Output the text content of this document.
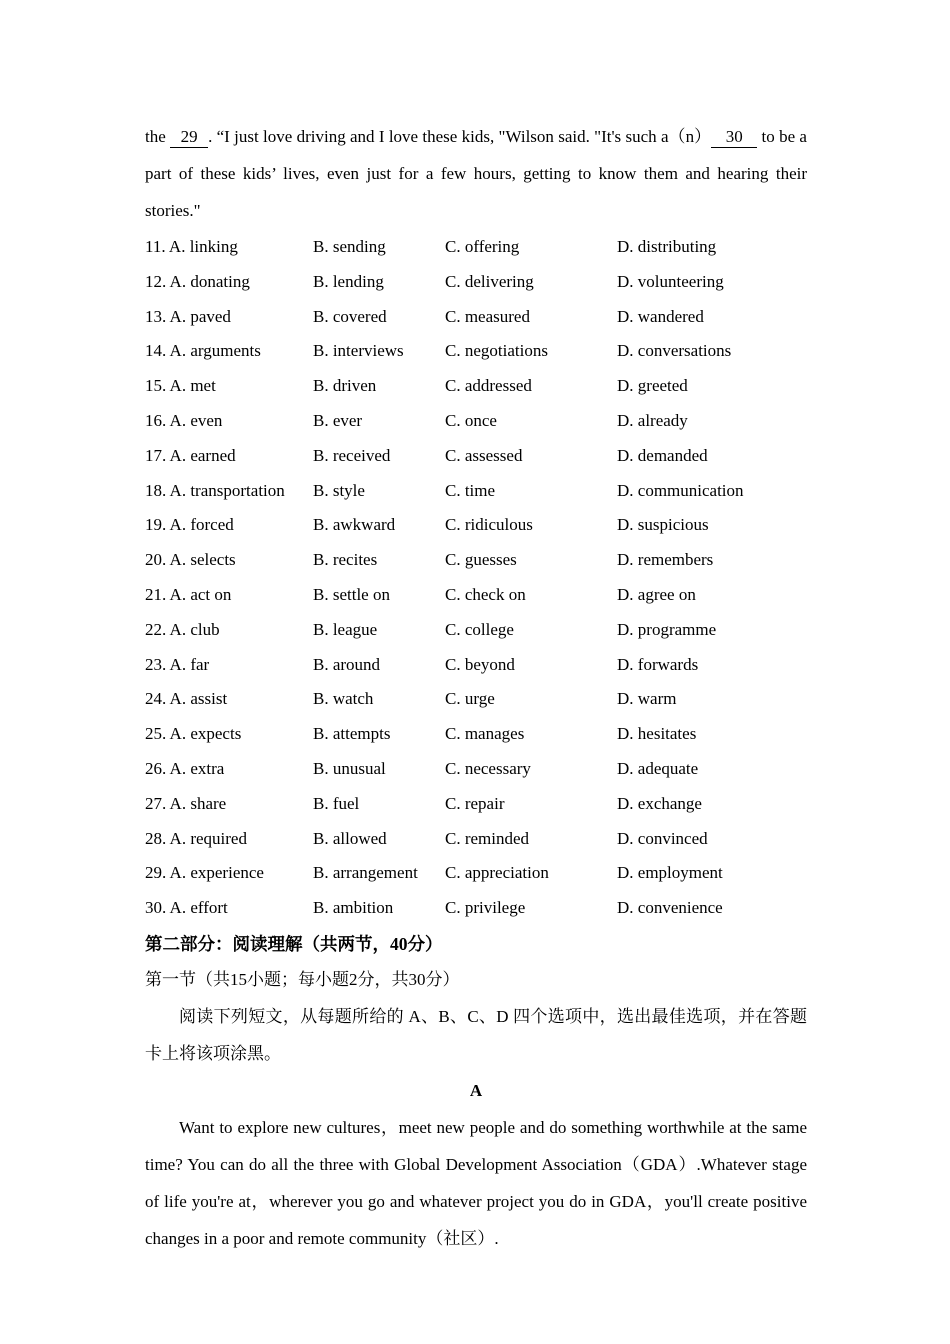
the 29 . “I just love driving and I love these kids, "Wilson said. "It's such a（n） 30 to be a part of these kids’ lives, even just for a few hours, getting to know them and hearing their stories."

11. A. linking	B. sending	C. offering	D. distributing
12. A. donating	B. lending	C. delivering	D. volunteering
13. A. paved	B. covered	C. measured	D. wandered
14. A. arguments	B. interviews	C. negotiations	D. conversations
15. A. met	B. driven	C. addressed	D. greeted
16. A. even	B. ever	C. once	D. already
17. A. earned	B. received	C. assessed	D. demanded
18. A. transportation	B. style	C. time	D. communication
19. A. forced	B. awkward	C. ridiculous	D. suspicious
20. A. selects	B. recites	C. guesses	D. remembers
21. A. act on	B. settle on	C. check on	D. agree on
22. A. club	B. league	C. college	D. programme
23. A. far	B. around	C. beyond	D. forwards
24. A. assist	B. watch	C. urge	D. warm
25. A. expects	B. attempts	C. manages	D. hesitates
26. A. extra	B. unusual	C. necessary	D. adequate
27. A. share	B. fuel	C. repair	D. exchange
28. A. required	B. allowed	C. reminded	D. convinced
29. A. experience	B. arrangement	C. appreciation	D. employment
30. A. effort	B. ambition	C. privilege	D. convenience

第二部分：阅读理解（共两节，40分）

第一节（共15小题；每小题2分，共30分）

阅读下列短文，从每题所给的 A、B、C、D 四个选项中，选出最佳选项，并在答题卡上将该项涂黑。

A

Want to explore new cultures，meet new people and do something worthwhile at the same time? You can do all the three with Global Development Association（GDA）.Whatever stage of life you're at，wherever you go and whatever project you do in GDA，you'll create positive changes in a poor and remote community（社区）.
